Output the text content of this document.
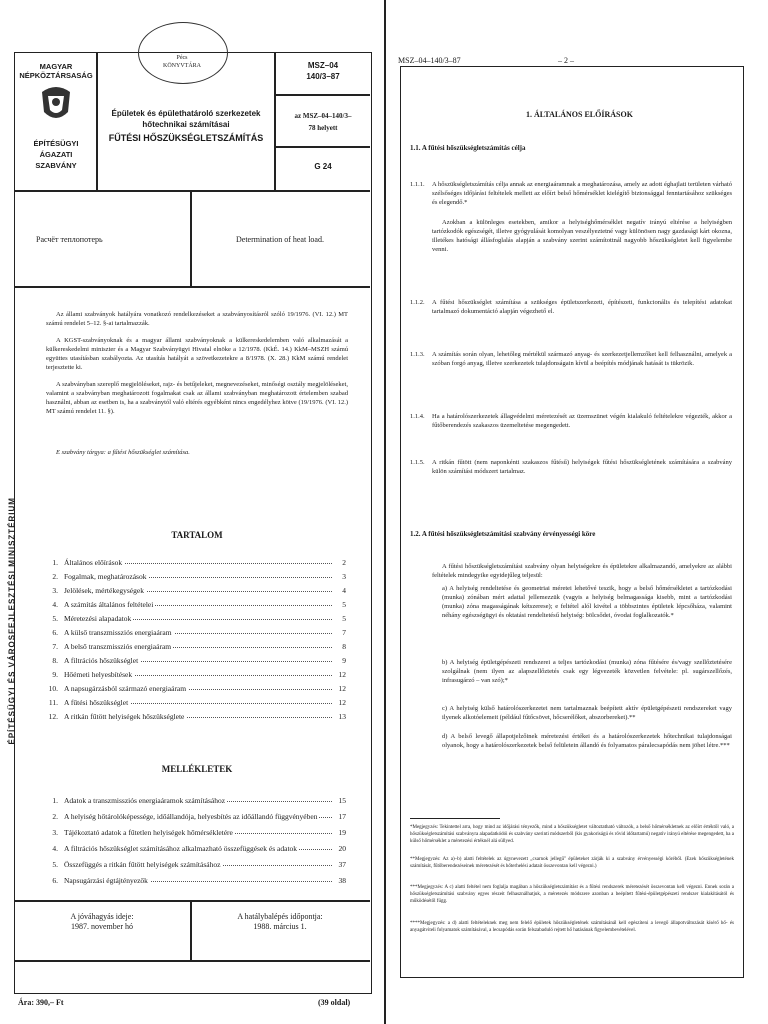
Pécs
KÖNYVTÁRA
MAGYAR
NÉPKÖZTÁRSASÁG
ÉPÍTÉSÜGYI
ÁGAZATI
SZABVÁNY
Épületek és épülethatároló szerkezetek
hőtechnikai számításai
FŰTÉSI HŐSZÜKSÉGLETSZÁMÍTÁS
MSZ–04
140/3–87
az MSZ–04–140/3–
78 helyett
G 24
Расчёт теплопотерь	Determination of heat load.
ÉPÍTÉSÜGYI ÉS VÁROSFEJLESZTÉSI MINISZTÉRIUM
Az állami szabványok hatályára vonatkozó rendelkezéseket a szabványosításról szóló 19/1976. (VI. 12.) MT számú rendelet 5–12. §-ai tartalmazzák.
A KGST-szabványoknak és a magyar állami szabványoknak a külkereskedelemben való alkalmazását a külkereskedelmi miniszter és a Magyar Szabványügyi Hivatal elnöke a 12/1978. (KkÉ. 14.) KkM–MSZH számú együttes utasításban szabályozta. Az utasítás hatályát a szövetkezetekre a 8/1978. (X. 28.) KkM számú rendelet terjesztette ki.
A szabványban szereplő megjelöléseket, rajz- és betűjeleket, megnevezéseket, minőségi osztály megjelöléseket, valamint a szabványban meghatározott fogalmakat csak az állami szabványban meghatározott értelemben szabad használni, abban az esetben is, ha a szabványtól való eltérés egyébként nincs engedélyhez kötve (19/1976. (VI. 12.) MT számú rendelet 11. §).
E szabvány tárgya: a fűtési hőszükséglet számítása.
TARTALOM
1. Általános előírások	2
2. Fogalmak, meghatározások	3
3. Jelölések, mértékegységek	4
4. A számítás általános feltételei	5
5. Méretezési alapadatok	5
6. A külső transzmissziós energiaáram	7
7. A belső transzmissziós energiaáram	8
8. A filtrációs hőszükséglet	9
9. Hőémeti helyesbítések	12
10. A napsugárzásból származó energiaáram	12
11. A fűtési hőszükséglet	12
12. A ritkán fűtött helyiségek hőszükséglete	13
MELLÉKLETEK
1. Adatok a transzmissziós energiaáramok számításához	15
2. A helyiség hőtárolóképessége, időállandója, helyesbítés az időállandó függvényében	17
3. Tájékoztató adatok a fűtetlen helyiségek hőmérsékletére	19
4. A filtrációs hőszükséglet számításához alkalmazható összefüggések és adatok	20
5. Összefüggés a ritkán fűtött helyiségek számításához	37
6. Napsugárzási égtájtényezők	38
A jóváhagyás ideje:
1987. november hó
A hatálybalépés időpontja:
1988. március 1.
Ára: 390,– Ft	(39 oldal)
MSZ–04–140/3–87	– 2 –
1. ÁLTALÁNOS ELŐÍRÁSOK
1.1. A fűtési hőszükségletszámítás célja
1.1.1. A hőszükségletszámítás célja annak az energiaáramnak a meghatározása, amely az adott éghajlati területen várható szélsőséges időjárási feltételek mellett az előírt belső hőmérséklet kielégítő biztonsággal fenntartásához szükséges és elegendő.*
Azokban a különleges esetekben, amikor a helyiséghőmérséklet negatív irányú eltérése a helyiségben tartózkodók egészségét, illetve gyógyulását komolyan veszélyeztetné vagy különösen nagy gazdasági kárt okozna, illetékes hatósági állásfoglalás alapján a szabvány szerint számítottnál nagyobb hőszükségletet kell figyelembe venni.
1.1.2. A fűtési hőszükséglet számítása a szükséges épületszerkezeti, építészeti, funkcionális és telepítési adatokat tartalmazó dokumentáció alapján végezhető el.
1.1.3. A számítás során olyan, lehetőleg mértékül származó anyag- és szerkezetjellemzőket kell felhasználni, amelyek a szóban forgó anyag, illetve szerkezetek tulajdonságain kívül a beépítés módjának hatását is tükrözik.
1.1.4. Ha a határolószerkezetek állagvédelmi méretezését az üzemszünet végén kialakuló feltételekre végezték, akkor a fűtőberendezés szakaszos üzemeltetése megengedett.
1.1.5. A ritkán fűtött (nem naponkénti szakaszos fűtésű) helyiségek fűtési hőszükségletének számítására a szabvány külön számítási módszert tartalmaz.
1.2. A fűtési hőszükségletszámítási szabvány érvényességi köre
A fűtési hőszükségletszámítási szabvány olyan helyiségekre és épületekre alkalmazandó, amelyekre az alábbi feltételek mindegyike egyidejűleg teljesül:
a) A helyiség rendeltetése és geometriai méretei lehetővé teszik, hogy a belső hőmérsékletet a tartózkodási (munka) zónában mért adattal jellemezzük (vagyis a helyiség belmagassága kisebb, mint a tartózkodási (munka) zóna magasságának kétszerese); e feltétel alól kivétel a többszintes épületek lépcsőháza, valamint néhány egészségügyi és oktatási rendeltetésű helyiség: bölcsődei, óvodai foglalkozatók.*
b) A helyiség épületgépészeti rendszerei a teljes tartózkodási (munka) zóna fűtésére és/vagy szellőztetésére szolgálnak (nem ilyen az alapszellőztetés csak egy légvezeték közvetlen felvétele: pl. sugárszellőzés, infrasugárzó – van szó);*
c) A helyiség külső határolószerkezetei nem tartalmaznak beépített aktív épületgépészeti rendszereket vagy ilyenek alkotóelemeit (például fűtőcsövet, hőcserélőket, abszorbereket).**
d) A belső levegő állapotjelzőinek méretezési értékei és a határolószerkezetek hőtechnikai tulajdonságai olyanok, hogy a határolószerkezetek belső felületein állandó és folyamatos páralecsapódás nem jöhet létre.***
*Megjegyzés: Tekintettel arra, hogy mind az időjárási tényezők, mind a hőszükségletet változtatható változók, a belső hőmérsékletnek az előírt értéktől való, a hőszükségletszámítási szabványra alapadatkódói és szabvány szerinti módszerből (kis gyakoriságú és rövid időtartamú) negatív irányú eltérése megengedett, ha a külső hőmérséklet a méretezési értéknél alá süllyed.
**Megjegyzés: Az a)–b) alatti feltételek az úgynevezett „csarnok jellegű" épületeket zárják ki a szabvány érvényességi köréből. (Ezek hőszükségletének számítását, fűtőberendezéseinek méretezését és hőterhelési adatait összevontan kell végezni.)
***Megjegyzés: A c) alatti feltétel nem foglalja magában a hőszükségletszámítást és a fűtési rendszerek méretezését összevontan kell végezni. Ennek során a hőszükségletszámítási szabvány egyes részeit felhasználhatjuk, a méretezés módszere azonban a beépített fűtési-épületgépészeti rendszer kialakításától és működésétől függ.
****Megjegyzés: a d) alatti feltételeknek meg nem felelő épületek hőszükségletének számításánál kell egészíteni a levegő állapotváltozását kísérő hő- és anyagátviteli folyamatok számításával, a lecsapódás során felszabaduló rejtett hő hatásának figyelembevételével.
